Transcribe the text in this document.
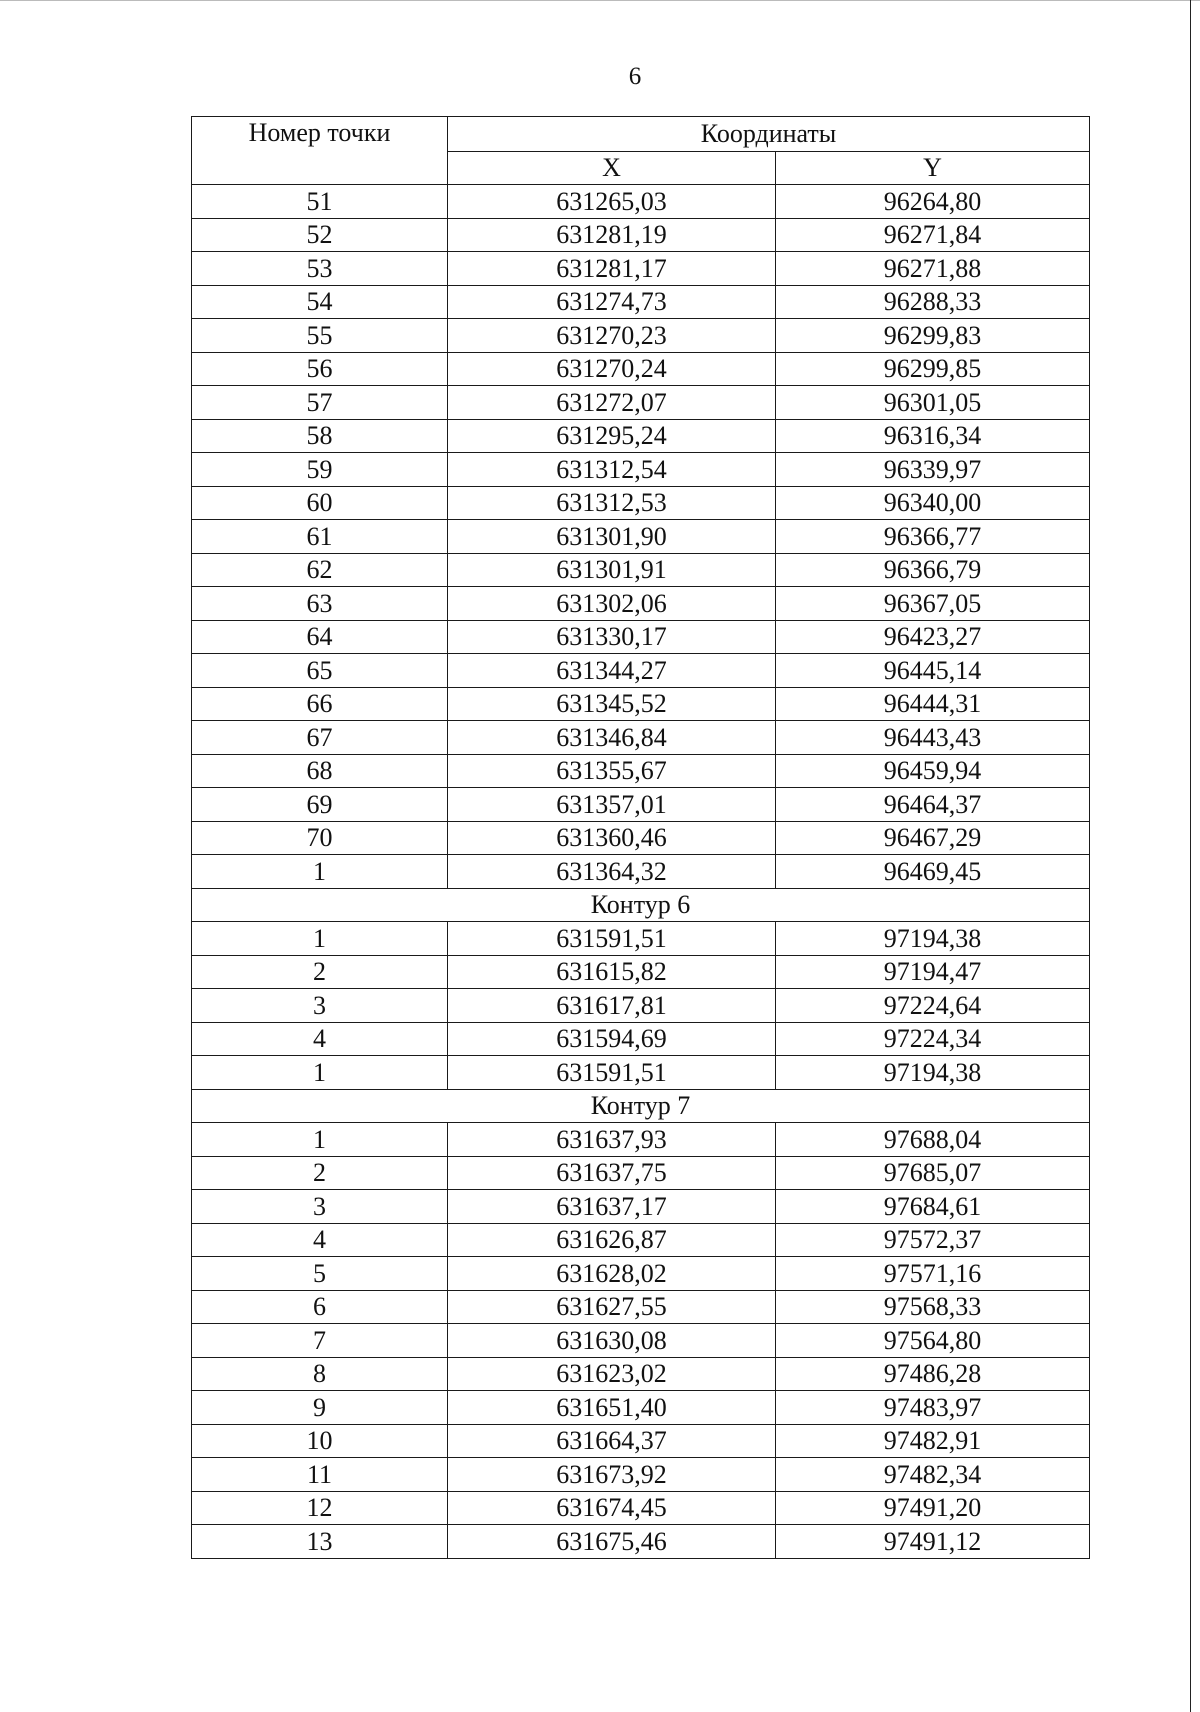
6
Номер точки	Координаты	
	X	Y
51	631265,03	96264,80
52	631281,19	96271,84
53	631281,17	96271,88
54	631274,73	96288,33
55	631270,23	96299,83
56	631270,24	96299,85
57	631272,07	96301,05
58	631295,24	96316,34
59	631312,54	96339,97
60	631312,53	96340,00
61	631301,90	96366,77
62	631301,91	96366,79
63	631302,06	96367,05
64	631330,17	96423,27
65	631344,27	96445,14
66	631345,52	96444,31
67	631346,84	96443,43
68	631355,67	96459,94
69	631357,01	96464,37
70	631360,46	96467,29
1	631364,32	96469,45
Контур 6		
1	631591,51	97194,38
2	631615,82	97194,47
3	631617,81	97224,64
4	631594,69	97224,34
1	631591,51	97194,38
Контур 7		
1	631637,93	97688,04
2	631637,75	97685,07
3	631637,17	97684,61
4	631626,87	97572,37
5	631628,02	97571,16
6	631627,55	97568,33
7	631630,08	97564,80
8	631623,02	97486,28
9	631651,40	97483,97
10	631664,37	97482,91
11	631673,92	97482,34
12	631674,45	97491,20
13	631675,46	97491,12
